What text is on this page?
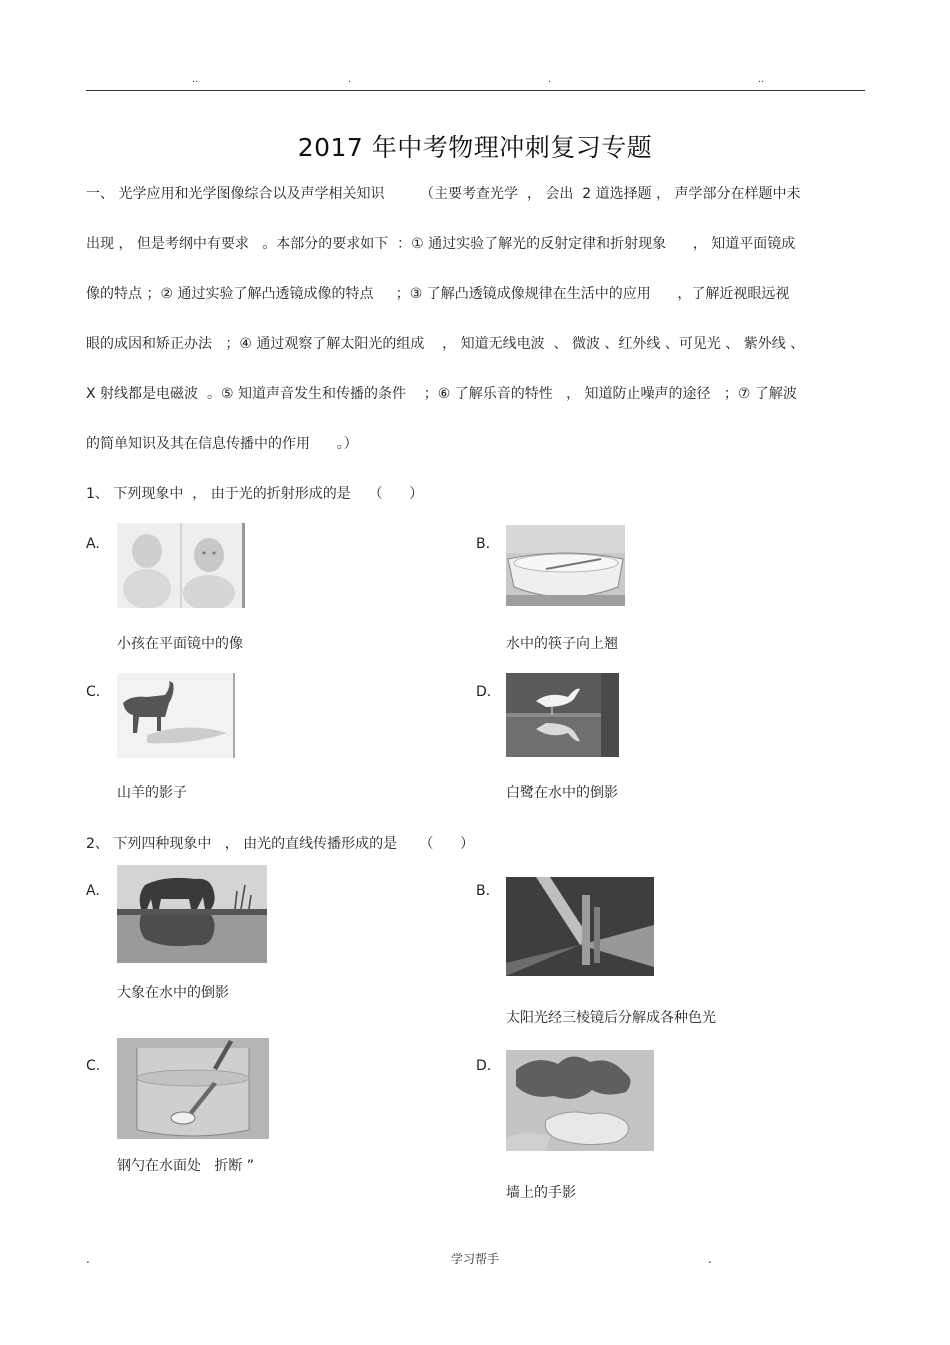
..	.	.	..
2017 年中考物理冲刺复习专题
一、 光学应用和光学图像综合以及声学相关知识        （主要考查光学  ， 会出  2 道选择题 ， 声学部分在样题中未
出现 ， 但是考纲中有要求   。本部分的要求如下  ：① 通过实验了解光的反射定律和折射现象      ， 知道平面镜成
像的特点 ；② 通过实验了解凸透镜成像的特点     ；③ 了解凸透镜成像规律在生活中的应用      ，了解近视眼远视
眼的成因和矫正办法   ；④ 通过观察了解太阳光的组成    ， 知道无线电波  、 微波 、红外线 、可见光 、 紫外线 、
X 射线都是电磁波  。⑤ 知道声音发生和传播的条件    ；⑥ 了解乐音的特性   ， 知道防止噪声的途径   ；⑦ 了解波
的简单知识及其在信息传播中的作用      。）
1、 下列现象中  ， 由于光的折射形成的是    （      ）
A.
小孩在平面镜中的像
B.
水中的筷子向上翘
C.
山羊的影子
D.
白鹭在水中的倒影
2、 下列四种现象中   ， 由光的直线传播形成的是     （      ）
A.
大象在水中的倒影
B.
太阳光经三棱镜后分解成各种色光
C.
钢勺在水面处   折断 ”
D.
墙上的手影
.	学习帮手	.
